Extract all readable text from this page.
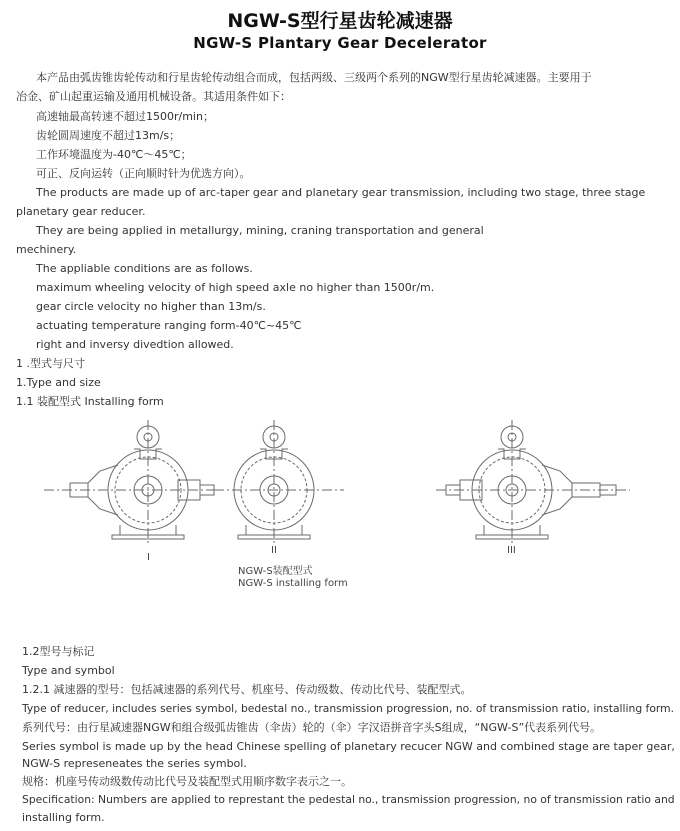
NGW-S型行星齿轮减速器
NGW-S Plantary Gear Decelerator
本产品由弧齿锥齿轮传动和行星齿轮传动组合而成，包括两级、三级两个系列的NGW型行星齿轮减速器。主要用于
冶金、矿山起重运输及通用机械设备。其适用条件如下：
高速轴最高转速不超过1500r/min；
齿轮圆周速度不超过13m/s；
工作环境温度为-40℃～45℃；
可正、反向运转（正向顺时针为优选方向）。
The products are made up of arc-taper gear and planetary gear transmission, including two stage, three stage
planetary gear reducer.
They are being applied in metallurgy, mining, craning transportation and general
mechinery.
The appliable conditions are as follows.
maximum wheeling velocity of high speed axle no higher than 1500r/m.
gear circle velocity no higher than 13m/s.
actuating temperature ranging form-40℃~45℃
right and inversy divedtion allowed.
1 .型式与尺寸
1.Type and size
1.1 装配型式 Installing form
I
II	III
NGW-S装配型式
NGW-S installing form
1.2型号与标记
Type and symbol
1.2.1 减速器的型号：包括减速器的系列代号、机座号、传动级数、传动比代号、装配型式。
Type of reducer, includes series symbol, bedestal no., transmission progression, no. of transmission ratio, installing form.
系列代号：由行星减速器NGW和组合级弧齿锥齿（伞齿）轮的（伞）字汉语拼音字头S组成，“NGW-S”代表系列代号。
Series symbol is made up by the head Chinese spelling of planetary recucer NGW and combined stage are taper gear,
NGW-S represeneates the series symbol.
规格：机座号传动级数传动比代号及装配型式用顺序数字表示之一。
Specification: Numbers are applied to represtant the pedestal no., transmission progression, no of transmission ratio and
installing form.
